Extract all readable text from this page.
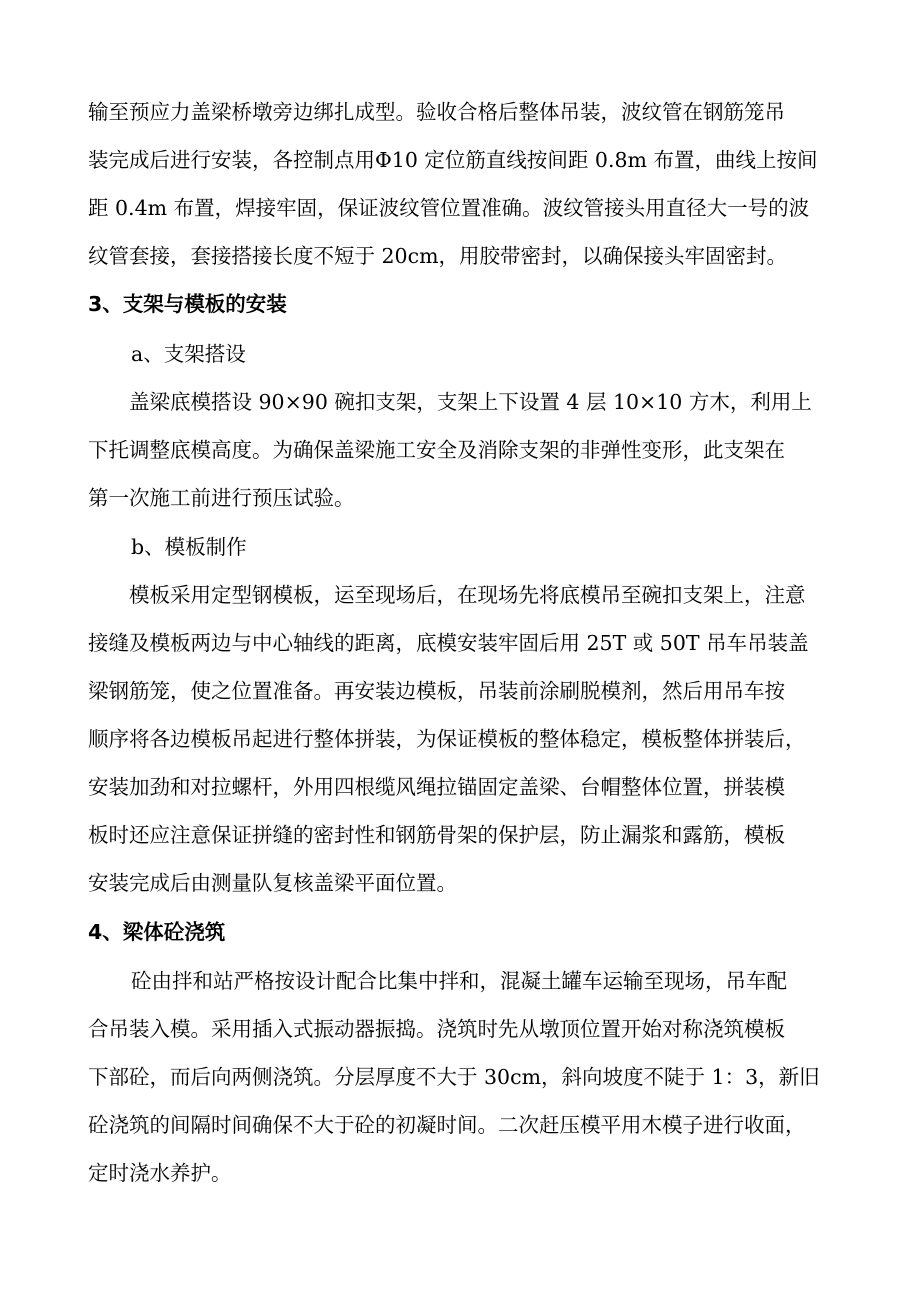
输至预应力盖梁桥墩旁边绑扎成型。验收合格后整体吊装，波纹管在钢筋笼吊
装完成后进行安装，各控制点用Φ10 定位筋直线按间距 0.8m 布置，曲线上按间
距 0.4m 布置，焊接牢固，保证波纹管位置准确。波纹管接头用直径大一号的波
纹管套接，套接搭接长度不短于 20cm，用胶带密封，以确保接头牢固密封。
3、支架与模板的安装
a、支架搭设
盖梁底模搭设 90×90 碗扣支架，支架上下设置 4 层 10×10 方木，利用上
下托调整底模高度。为确保盖梁施工安全及消除支架的非弹性变形，此支架在
第一次施工前进行预压试验。
b、模板制作
模板采用定型钢模板，运至现场后，在现场先将底模吊至碗扣支架上，注意
接缝及模板两边与中心轴线的距离，底模安装牢固后用 25T 或 50T 吊车吊装盖
梁钢筋笼，使之位置准备。再安装边模板，吊装前涂刷脱模剂，然后用吊车按
顺序将各边模板吊起进行整体拼装，为保证模板的整体稳定，模板整体拼装后，
安装加劲和对拉螺杆，外用四根缆风绳拉锚固定盖梁、台帽整体位置，拼装模
板时还应注意保证拼缝的密封性和钢筋骨架的保护层，防止漏浆和露筋，模板
安装完成后由测量队复核盖梁平面位置。
4、梁体砼浇筑
砼由拌和站严格按设计配合比集中拌和，混凝土罐车运输至现场，吊车配
合吊装入模。采用插入式振动器振捣。浇筑时先从墩顶位置开始对称浇筑模板
下部砼，而后向两侧浇筑。分层厚度不大于 30cm，斜向坡度不陡于 1：3，新旧
砼浇筑的间隔时间确保不大于砼的初凝时间。二次赶压模平用木模子进行收面，
定时浇水养护。
